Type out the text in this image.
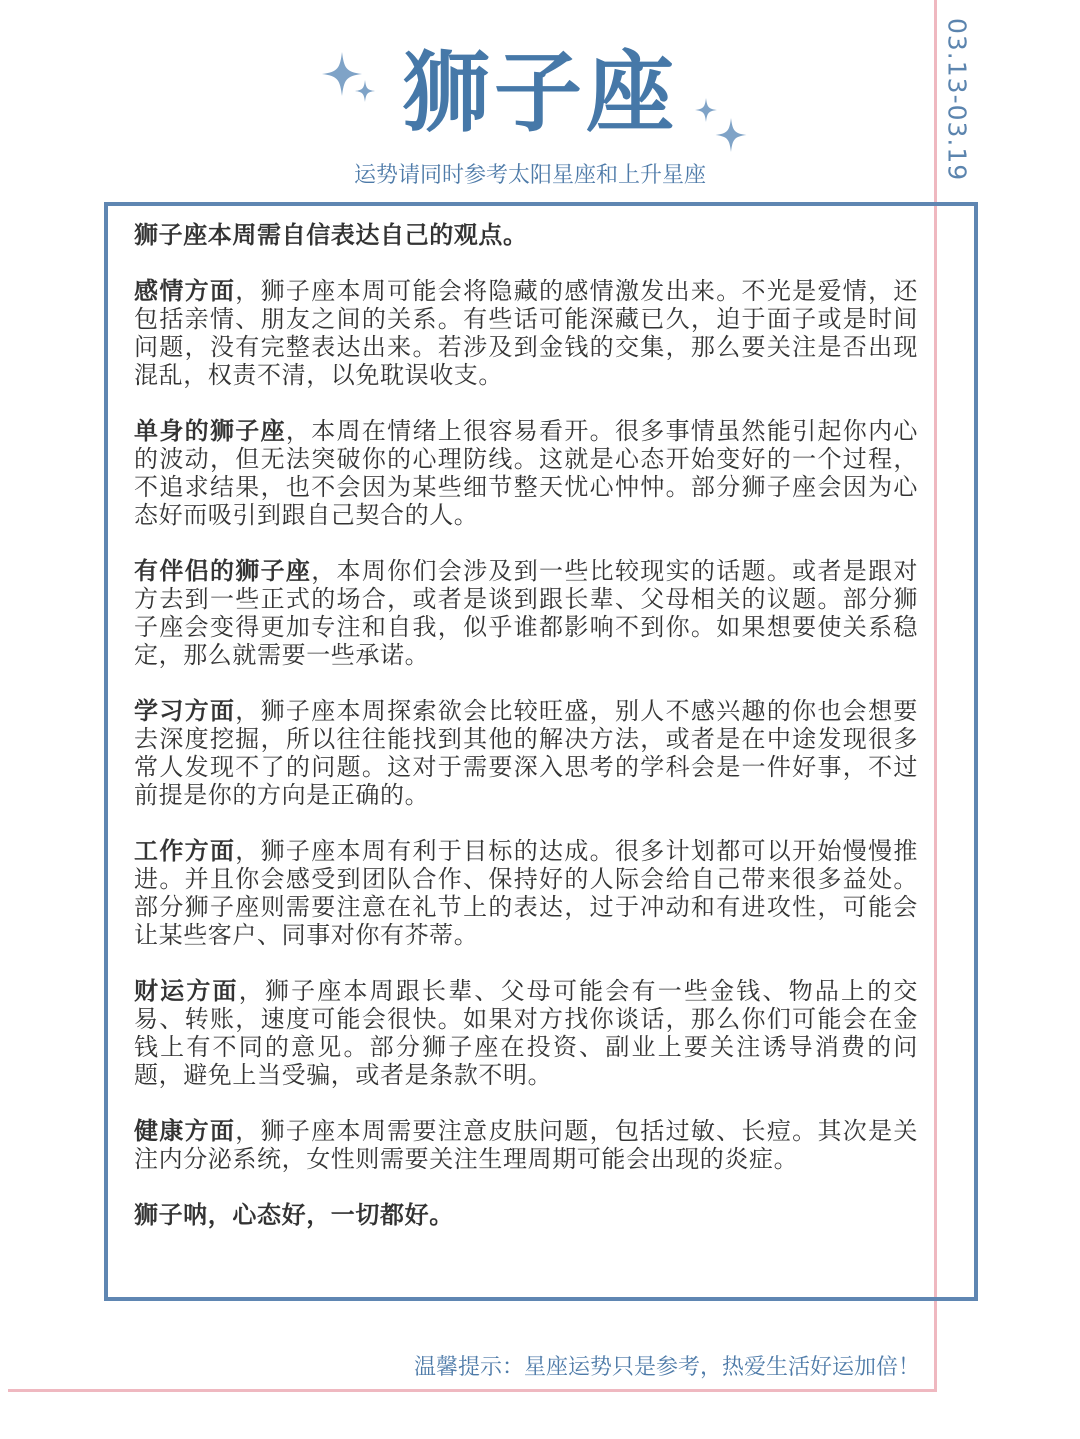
03.13-03.19
狮子座
运势请同时参考太阳星座和上升星座

狮子座本周需自信表达自己的观点。

感情方面，狮子座本周可能会将隐藏的感情激发出来。不光是爱情，还包括亲情、朋友之间的关系。有些话可能深藏已久，迫于面子或是时间问题，没有完整表达出来。若涉及到金钱的交集，那么要关注是否出现混乱，权责不清，以免耽误收支。

单身的狮子座，本周在情绪上很容易看开。很多事情虽然能引起你内心的波动，但无法突破你的心理防线。这就是心态开始变好的一个过程，不追求结果，也不会因为某些细节整天忧心忡忡。部分狮子座会因为心态好而吸引到跟自己契合的人。

有伴侣的狮子座，本周你们会涉及到一些比较现实的话题。或者是跟对方去到一些正式的场合，或者是谈到跟长辈、父母相关的议题。部分狮子座会变得更加专注和自我，似乎谁都影响不到你。如果想要使关系稳定，那么就需要一些承诺。

学习方面，狮子座本周探索欲会比较旺盛，别人不感兴趣的你也会想要去深度挖掘，所以往往能找到其他的解决方法，或者是在中途发现很多常人发现不了的问题。这对于需要深入思考的学科会是一件好事，不过前提是你的方向是正确的。

工作方面，狮子座本周有利于目标的达成。很多计划都可以开始慢慢推进。并且你会感受到团队合作、保持好的人际会给自己带来很多益处。部分狮子座则需要注意在礼节上的表达，过于冲动和有进攻性，可能会让某些客户、同事对你有芥蒂。

财运方面，狮子座本周跟长辈、父母可能会有一些金钱、物品上的交易、转账，速度可能会很快。如果对方找你谈话，那么你们可能会在金钱上有不同的意见。部分狮子座在投资、副业上要关注诱导消费的问题，避免上当受骗，或者是条款不明。

健康方面，狮子座本周需要注意皮肤问题，包括过敏、长痘。其次是关注内分泌系统，女性则需要关注生理周期可能会出现的炎症。

狮子呐，心态好，一切都好。

温馨提示：星座运势只是参考，热爱生活好运加倍！
